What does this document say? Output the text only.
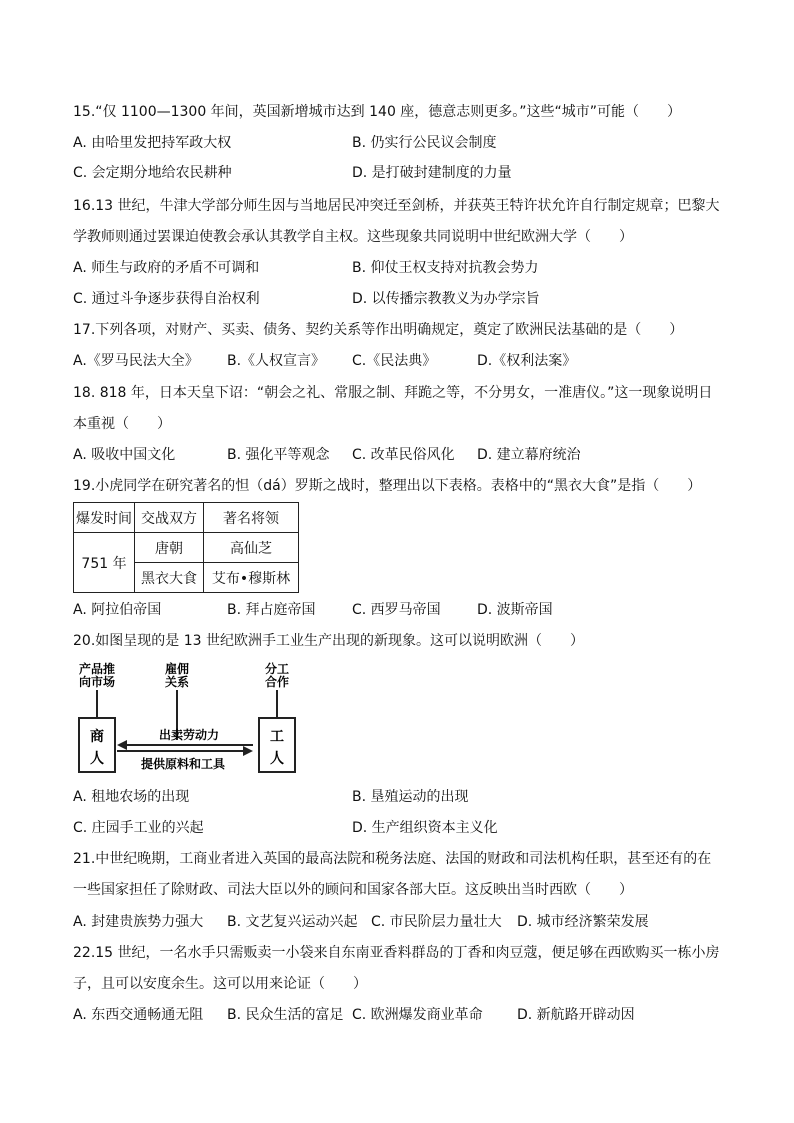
15.“仅 1100—1300 年间，英国新增城市达到 140 座，德意志则更多。”这些“城市”可能（　　）
A. 由哈里发把持军政大权	B. 仍实行公民议会制度
C. 会定期分地给农民耕种	D. 是打破封建制度的力量
16.13 世纪，牛津大学部分师生因与当地居民冲突迁至剑桥，并获英王特许状允许自行制定规章；巴黎大
学教师则通过罢课迫使教会承认其教学自主权。这些现象共同说明中世纪欧洲大学（　　）
A. 师生与政府的矛盾不可调和	B. 仰仗王权支持对抗教会势力
C. 通过斗争逐步获得自治权利	D. 以传播宗教教义为办学宗旨
17.下列各项，对财产、买卖、债务、契约关系等作出明确规定，奠定了欧洲民法基础的是（　　）
A.《罗马民法大全》 B.《人权宣言》 C.《民法典》	D.《权利法案》
18. 818 年，日本天皇下诏：“朝会之礼、常服之制、拜跪之等，不分男女，一准唐仪。”这一现象说明日
本重视（　　）
A. 吸收中国文化	B. 强化平等观念 C. 改革民俗风化 D. 建立幕府统治
19.小虎同学在研究著名的怛（dá）罗斯之战时，整理出以下表格。表格中的“黑衣大食”是指（　　）
爆发时间	交战双方	著名将领
751 年	唐朝	高仙芝
	黑衣大食	艾布•穆斯林
A. 阿拉伯帝国	B. 拜占庭帝国	C. 西罗马帝国	D. 波斯帝国
20.如图呈现的是 13 世纪欧洲手工业生产出现的新现象。这可以说明欧洲（　　）
产品推
向市场
雇佣
关系
分工
合作
商
人
工
人
出卖劳动力
提供原料和工具
A. 租地农场的出现	B. 垦殖运动的出现
C. 庄园手工业的兴起	D. 生产组织资本主义化
21.中世纪晚期，工商业者进入英国的最高法院和税务法庭、法国的财政和司法机构任职，甚至还有的在
一些国家担任了除财政、司法大臣以外的顾问和国家各部大臣。这反映出当时西欧（　　）
A. 封建贵族势力强大 B. 文艺复兴运动兴起 C. 市民阶层力量壮大 D. 城市经济繁荣发展
22.15 世纪，一名水手只需贩卖一小袋来自东南亚香料群岛的丁香和肉豆蔻，便足够在西欧购买一栋小房
子，且可以安度余生。这可以用来论证（　　）
A. 东西交通畅通无阻 B. 民众生活的富足 C. 欧洲爆发商业革命 D. 新航路开辟动因
